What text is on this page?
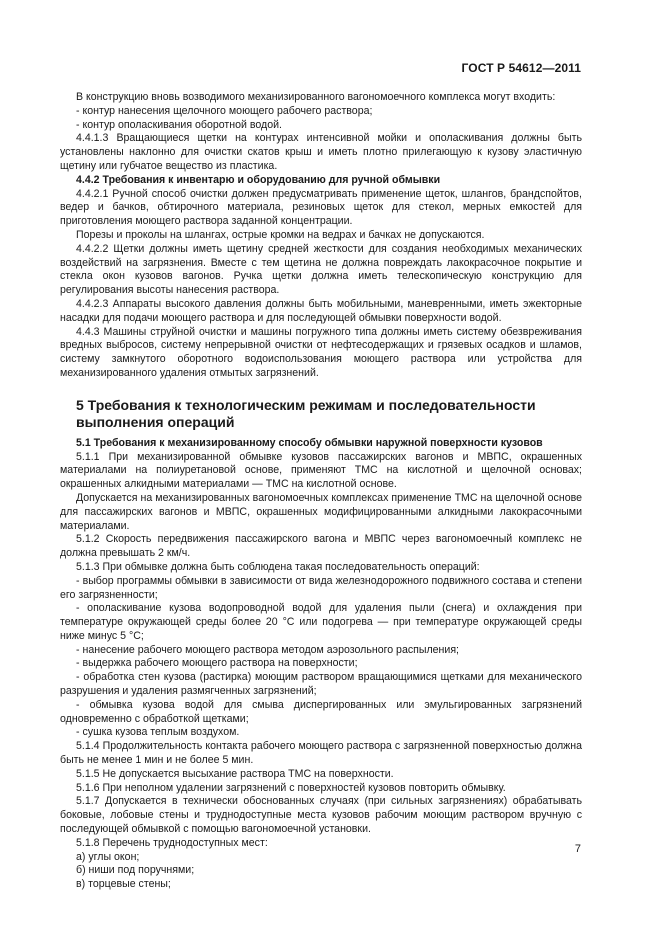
ГОСТ Р 54612—2011

В конструкцию вновь возводимого механизированного вагономоечного комплекса могут входить:

- контур нанесения щелочного моющего рабочего раствора;

- контур ополаскивания оборотной водой.

4.4.1.3 Вращающиеся щетки на контурах интенсивной мойки и ополаскивания должны быть установлены наклонно для очистки скатов крыш и иметь плотно прилегающую к кузову эластичную щетину или губчатое вещество из пластика.

4.4.2 Требования к инвентарю и оборудованию для ручной обмывки

4.4.2.1 Ручной способ очистки должен предусматривать применение щеток, шлангов, брандспойтов, ведер и бачков, обтирочного материала, резиновых щеток для стекол, мерных емкостей для приготовления моющего раствора заданной концентрации.

Порезы и проколы на шлангах, острые кромки на ведрах и бачках не допускаются.

4.4.2.2 Щетки должны иметь щетину средней жесткости для создания необходимых механических воздействий на загрязнения. Вместе с тем щетина не должна повреждать лакокрасочное покрытие и стекла окон кузовов вагонов. Ручка щетки должна иметь телескопическую конструкцию для регулирования высоты нанесения раствора.

4.4.2.3 Аппараты высокого давления должны быть мобильными, маневренными, иметь эжекторные насадки для подачи моющего раствора и для последующей обмывки поверхности водой.

4.4.3 Машины струйной очистки и машины погружного типа должны иметь систему обезвреживания вредных выбросов, систему непрерывной очистки от нефтесодержащих и грязевых осадков и шламов, систему замкнутого оборотного водоиспользования моющего раствора или устройства для механизированного удаления отмытых загрязнений.

5 Требования к технологическим режимам и последовательности
выполнения операций

5.1 Требования к механизированному способу обмывки наружной поверхности кузовов

5.1.1 При механизированной обмывке кузовов пассажирских вагонов и МВПС, окрашенных материалами на полиуретановой основе, применяют ТМС на кислотной и щелочной основах; окрашенных алкидными материалами — ТМС на кислотной основе.

Допускается на механизированных вагономоечных комплексах применение ТМС на щелочной основе для пассажирских вагонов и МВПС, окрашенных модифицированными алкидными лакокрасочными материалами.

5.1.2 Скорость передвижения пассажирского вагона и МВПС через вагономоечный комплекс не должна превышать 2 км/ч.

5.1.3 При обмывке должна быть соблюдена такая последовательность операций:

- выбор программы обмывки в зависимости от вида железнодорожного подвижного состава и степени его загрязненности;

- ополаскивание кузова водопроводной водой для удаления пыли (снега) и охлаждения при температуре окружающей среды более 20 °С или подогрева — при температуре окружающей среды ниже минус 5 °С;

- нанесение рабочего моющего раствора методом аэрозольного распыления;

- выдержка рабочего моющего раствора на поверхности;

- обработка стен кузова (растирка) моющим раствором вращающимися щетками для механического разрушения и удаления размягченных загрязнений;

- обмывка кузова водой для смыва диспергированных или эмульгированных загрязнений одновременно с обработкой щетками;

- сушка кузова теплым воздухом.

5.1.4 Продолжительность контакта рабочего моющего раствора с загрязненной поверхностью должна быть не менее 1 мин и не более 5 мин.

5.1.5 Не допускается высыхание раствора ТМС на поверхности.

5.1.6 При неполном удалении загрязнений с поверхностей кузовов повторить обмывку.

5.1.7 Допускается в технически обоснованных случаях (при сильных загрязнениях) обрабатывать боковые, лобовые стены и труднодоступные места кузовов рабочим моющим раствором вручную с последующей обмывкой с помощью вагономоечной установки.

5.1.8 Перечень труднодоступных мест:

а) углы окон;

б) ниши под поручнями;

в) торцевые стены;

7
